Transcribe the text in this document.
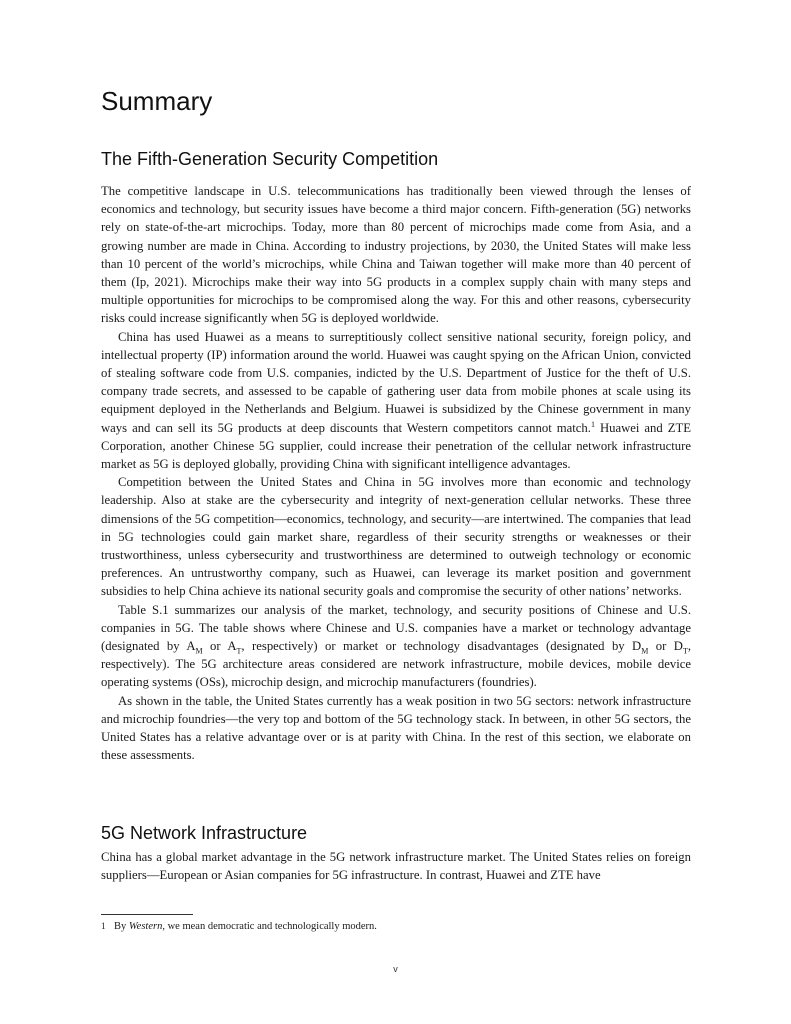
Summary
The Fifth-Generation Security Competition

The competitive landscape in U.S. telecommunications has traditionally been viewed through the lenses of economics and technology, but security issues have become a third major concern. Fifth-generation (5G) networks rely on state-of-the-art microchips. Today, more than 80 percent of microchips made come from Asia, and a growing number are made in China. According to industry projections, by 2030, the United States will make less than 10 percent of the world’s microchips, while China and Taiwan together will make more than 40 percent of them (Ip, 2021). Microchips make their way into 5G products in a complex supply chain with many steps and multiple opportunities for microchips to be compromised along the way. For this and other reasons, cybersecurity risks could increase significantly when 5G is deployed worldwide.

China has used Huawei as a means to surreptitiously collect sensitive national security, foreign policy, and intellectual property (IP) information around the world. Huawei was caught spying on the African Union, convicted of stealing software code from U.S. companies, indicted by the U.S. Department of Justice for the theft of U.S. company trade secrets, and assessed to be capable of gathering user data from mobile phones at scale using its equipment deployed in the Netherlands and Belgium. Huawei is subsidized by the Chinese government in many ways and can sell its 5G products at deep discounts that Western competitors cannot match.$^1$ Huawei and ZTE Corporation, another Chinese 5G supplier, could increase their penetration of the cellular network infrastructure market as 5G is deployed globally, providing China with significant intelligence advantages.

Competition between the United States and China in 5G involves more than economic and technology leadership. Also at stake are the cybersecurity and integrity of next-generation cellular networks. These three dimensions of the 5G competition—economics, technology, and security—are intertwined. The companies that lead in 5G technologies could gain market share, regardless of their security strengths or weaknesses or their trustworthiness, unless cybersecurity and trustworthiness are determined to outweigh technology or economic preferences. An untrustworthy company, such as Huawei, can leverage its market position and government subsidies to help China achieve its national security goals and compromise the security of other nations’ networks.

Table S.1 summarizes our analysis of the market, technology, and security positions of Chinese and U.S. companies in 5G. The table shows where Chinese and U.S. companies have a market or technology advantage (designated by $A_M$ or $A_T$, respectively) or market or technology disadvantages (designated by $D_M$ or $D_T$, respectively). The 5G architecture areas considered are network infrastructure, mobile devices, mobile device operating systems (OSs), microchip design, and microchip manufacturers (foundries).

As shown in the table, the United States currently has a weak position in two 5G sectors: network infrastructure and microchip foundries—the very top and bottom of the 5G technology stack. In between, in other 5G sectors, the United States has a relative advantage over or is at parity with China. In the rest of this section, we elaborate on these assessments.

5G Network Infrastructure

China has a global market advantage in the 5G network infrastructure market. The United States relies on foreign suppliers—European or Asian companies for 5G infrastructure. In contrast, Huawei and ZTE have

1 By Western, we mean democratic and technologically modern.
v
